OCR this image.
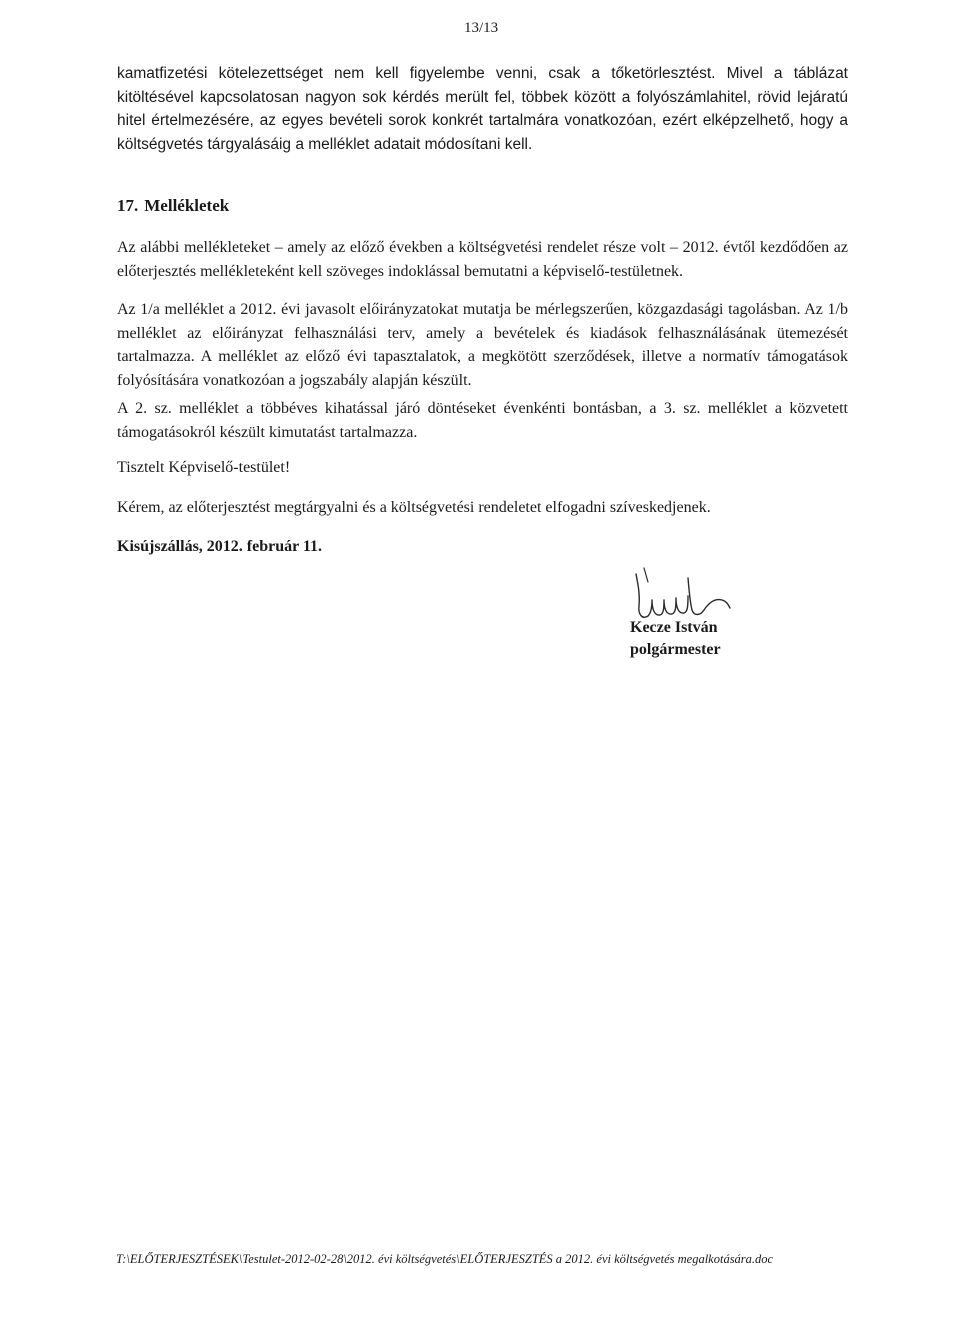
13/13

kamatfizetési kötelezettséget nem kell figyelembe venni, csak a tőketörlesztést. Mivel a táblázat kitöltésével kapcsolatosan nagyon sok kérdés merült fel, többek között a folyószámlahitel, rövid lejáratú hitel értelmezésére, az egyes bevételi sorok konkrét tartalmára vonatkozóan, ezért elképzelhető, hogy a költségvetés tárgyalásáig a melléklet adatait módosítani kell.

17. Mellékletek

Az alábbi mellékleteket – amely az előző években a költségvetési rendelet része volt – 2012. évtől kezdődően az előterjesztés mellékleteként kell szöveges indoklással bemutatni a képviselő-testületnek.

Az 1/a melléklet a 2012. évi javasolt előirányzatokat mutatja be mérlegszerűen, közgazdasági tagolásban. Az 1/b melléklet az előirányzat felhasználási terv, amely a bevételek és kiadások felhasználásának ütemezését tartalmazza. A melléklet az előző évi tapasztalatok, a megkötött szerződések, illetve a normatív támogatások folyósítására vonatkozóan a jogszabály alapján készült.

A 2. sz. melléklet a többéves kihatással járó döntéseket évenkénti bontásban, a 3. sz. melléklet a közvetett támogatásokról készült kimutatást tartalmazza.

Tisztelt Képviselő-testület!

Kérem, az előterjesztést megtárgyalni és a költségvetési rendeletet elfogadni szíveskedjenek.

Kisújszállás, 2012. február 11.

Kecze István
polgármester
T:\ELŐTERJESZTÉSEK\Testulet-2012-02-28\2012. évi költségvetés\ELŐTERJESZTÉS a 2012. évi költségvetés megalkotására.doc
